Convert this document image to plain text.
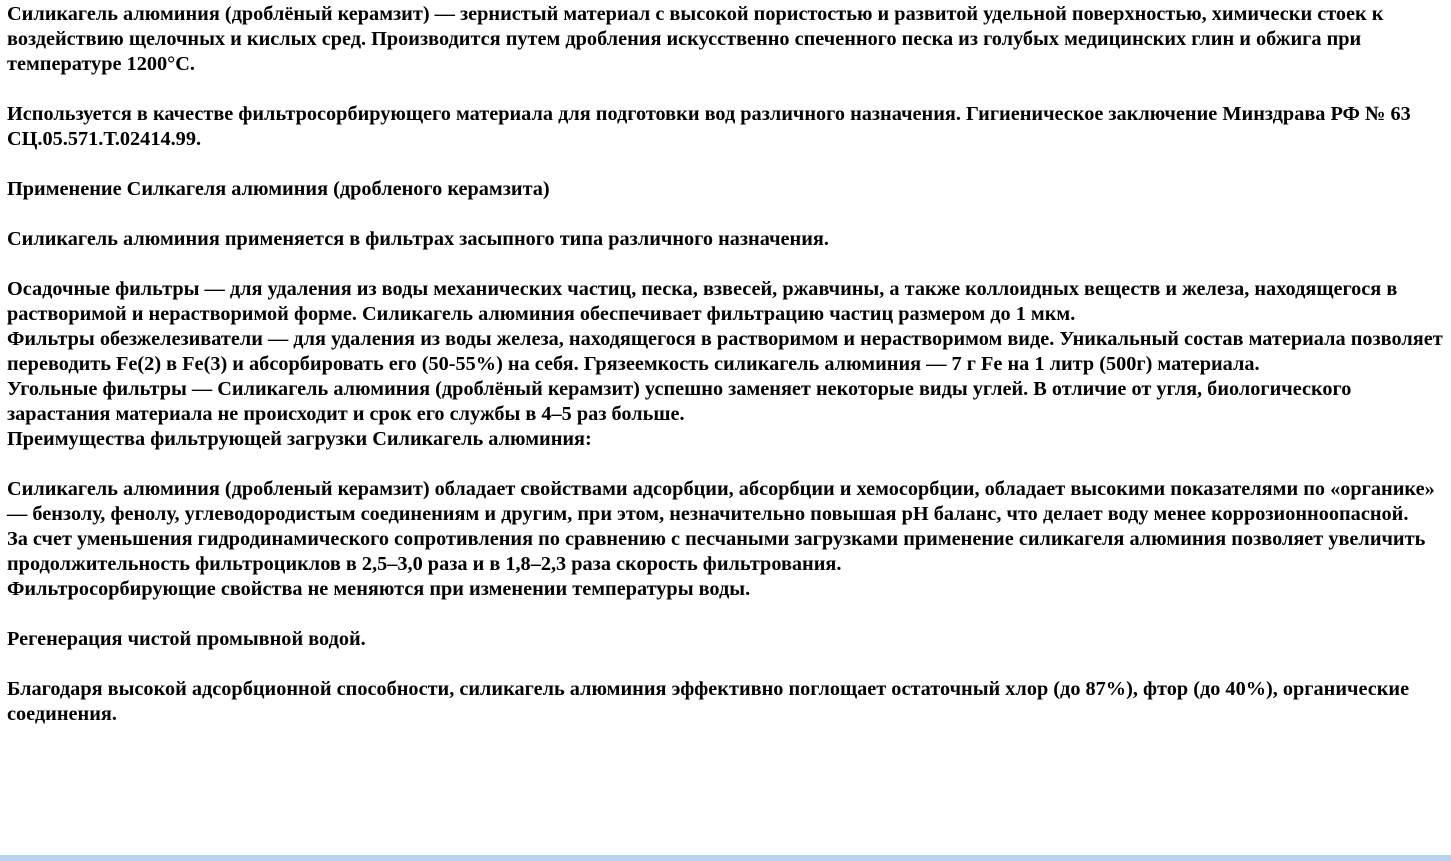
Силикагель алюминия (дроблёный керамзит) — зернистый материал с высокой пористостью и развитой удельной поверхностью, химически стоек к воздействию щелочных и кислых сред. Производится путем дробления искусственно спеченного песка из голубых медицинских глин и обжига при температуре 1200°С.

Используется в качестве фильтросорбирующего материала для подготовки вод различного назначения. Гигиеническое заключение Минздрава РФ № 63 СЦ.05.571.Т.02414.99.

Применение Силкагеля алюминия (дробленого керамзита)

Силикагель алюминия применяется в фильтрах засыпного типа различного назначения.

Осадочные фильтры — для удаления из воды механических частиц, песка, взвесей, ржавчины, а также коллоидных веществ и железа, находящегося в растворимой и нерастворимой форме. Силикагель алюминия обеспечивает фильтрацию частиц размером до 1 мкм.

Фильтры обезжелезиватели — для удаления из воды железа, находящегося в растворимом и нерастворимом виде. Уникальный состав материала позволяет переводить Fe(2) в Fe(3) и абсорбировать его (50-55%) на себя. Грязеемкость силикагель алюминия — 7 г Fe на 1 литр (500г) материала.

Угольные фильтры — Силикагель алюминия (дроблёный керамзит) успешно заменяет некоторые виды углей. В отличие от угля, биологического зарастания материала не происходит и срок его службы в 4–5 раз больше.

Преимущества фильтрующей загрузки Силикагель алюминия:

Силикагель алюминия (дробленый керамзит) обладает свойствами адсорбции, абсорбции и хемосорбции, обладает высокими показателями по «органике» — бензолу, фенолу, углеводородистым соединениям и другим, при этом, незначительно повышая рН баланс, что делает воду менее коррозионноопасной.

За счет уменьшения гидродинамического сопротивления по сравнению с песчаными загрузками применение силикагеля алюминия позволяет увеличить продолжительность фильтроциклов в 2,5–3,0 раза и в 1,8–2,3 раза скорость фильтрования.

Фильтросорбирующие свойства не меняются при изменении температуры воды.

Регенерация чистой промывной водой.

Благодаря высокой адсорбционной способности, силикагель алюминия эффективно поглощает остаточный хлор (до 87%), фтор (до 40%), органические соединения.
